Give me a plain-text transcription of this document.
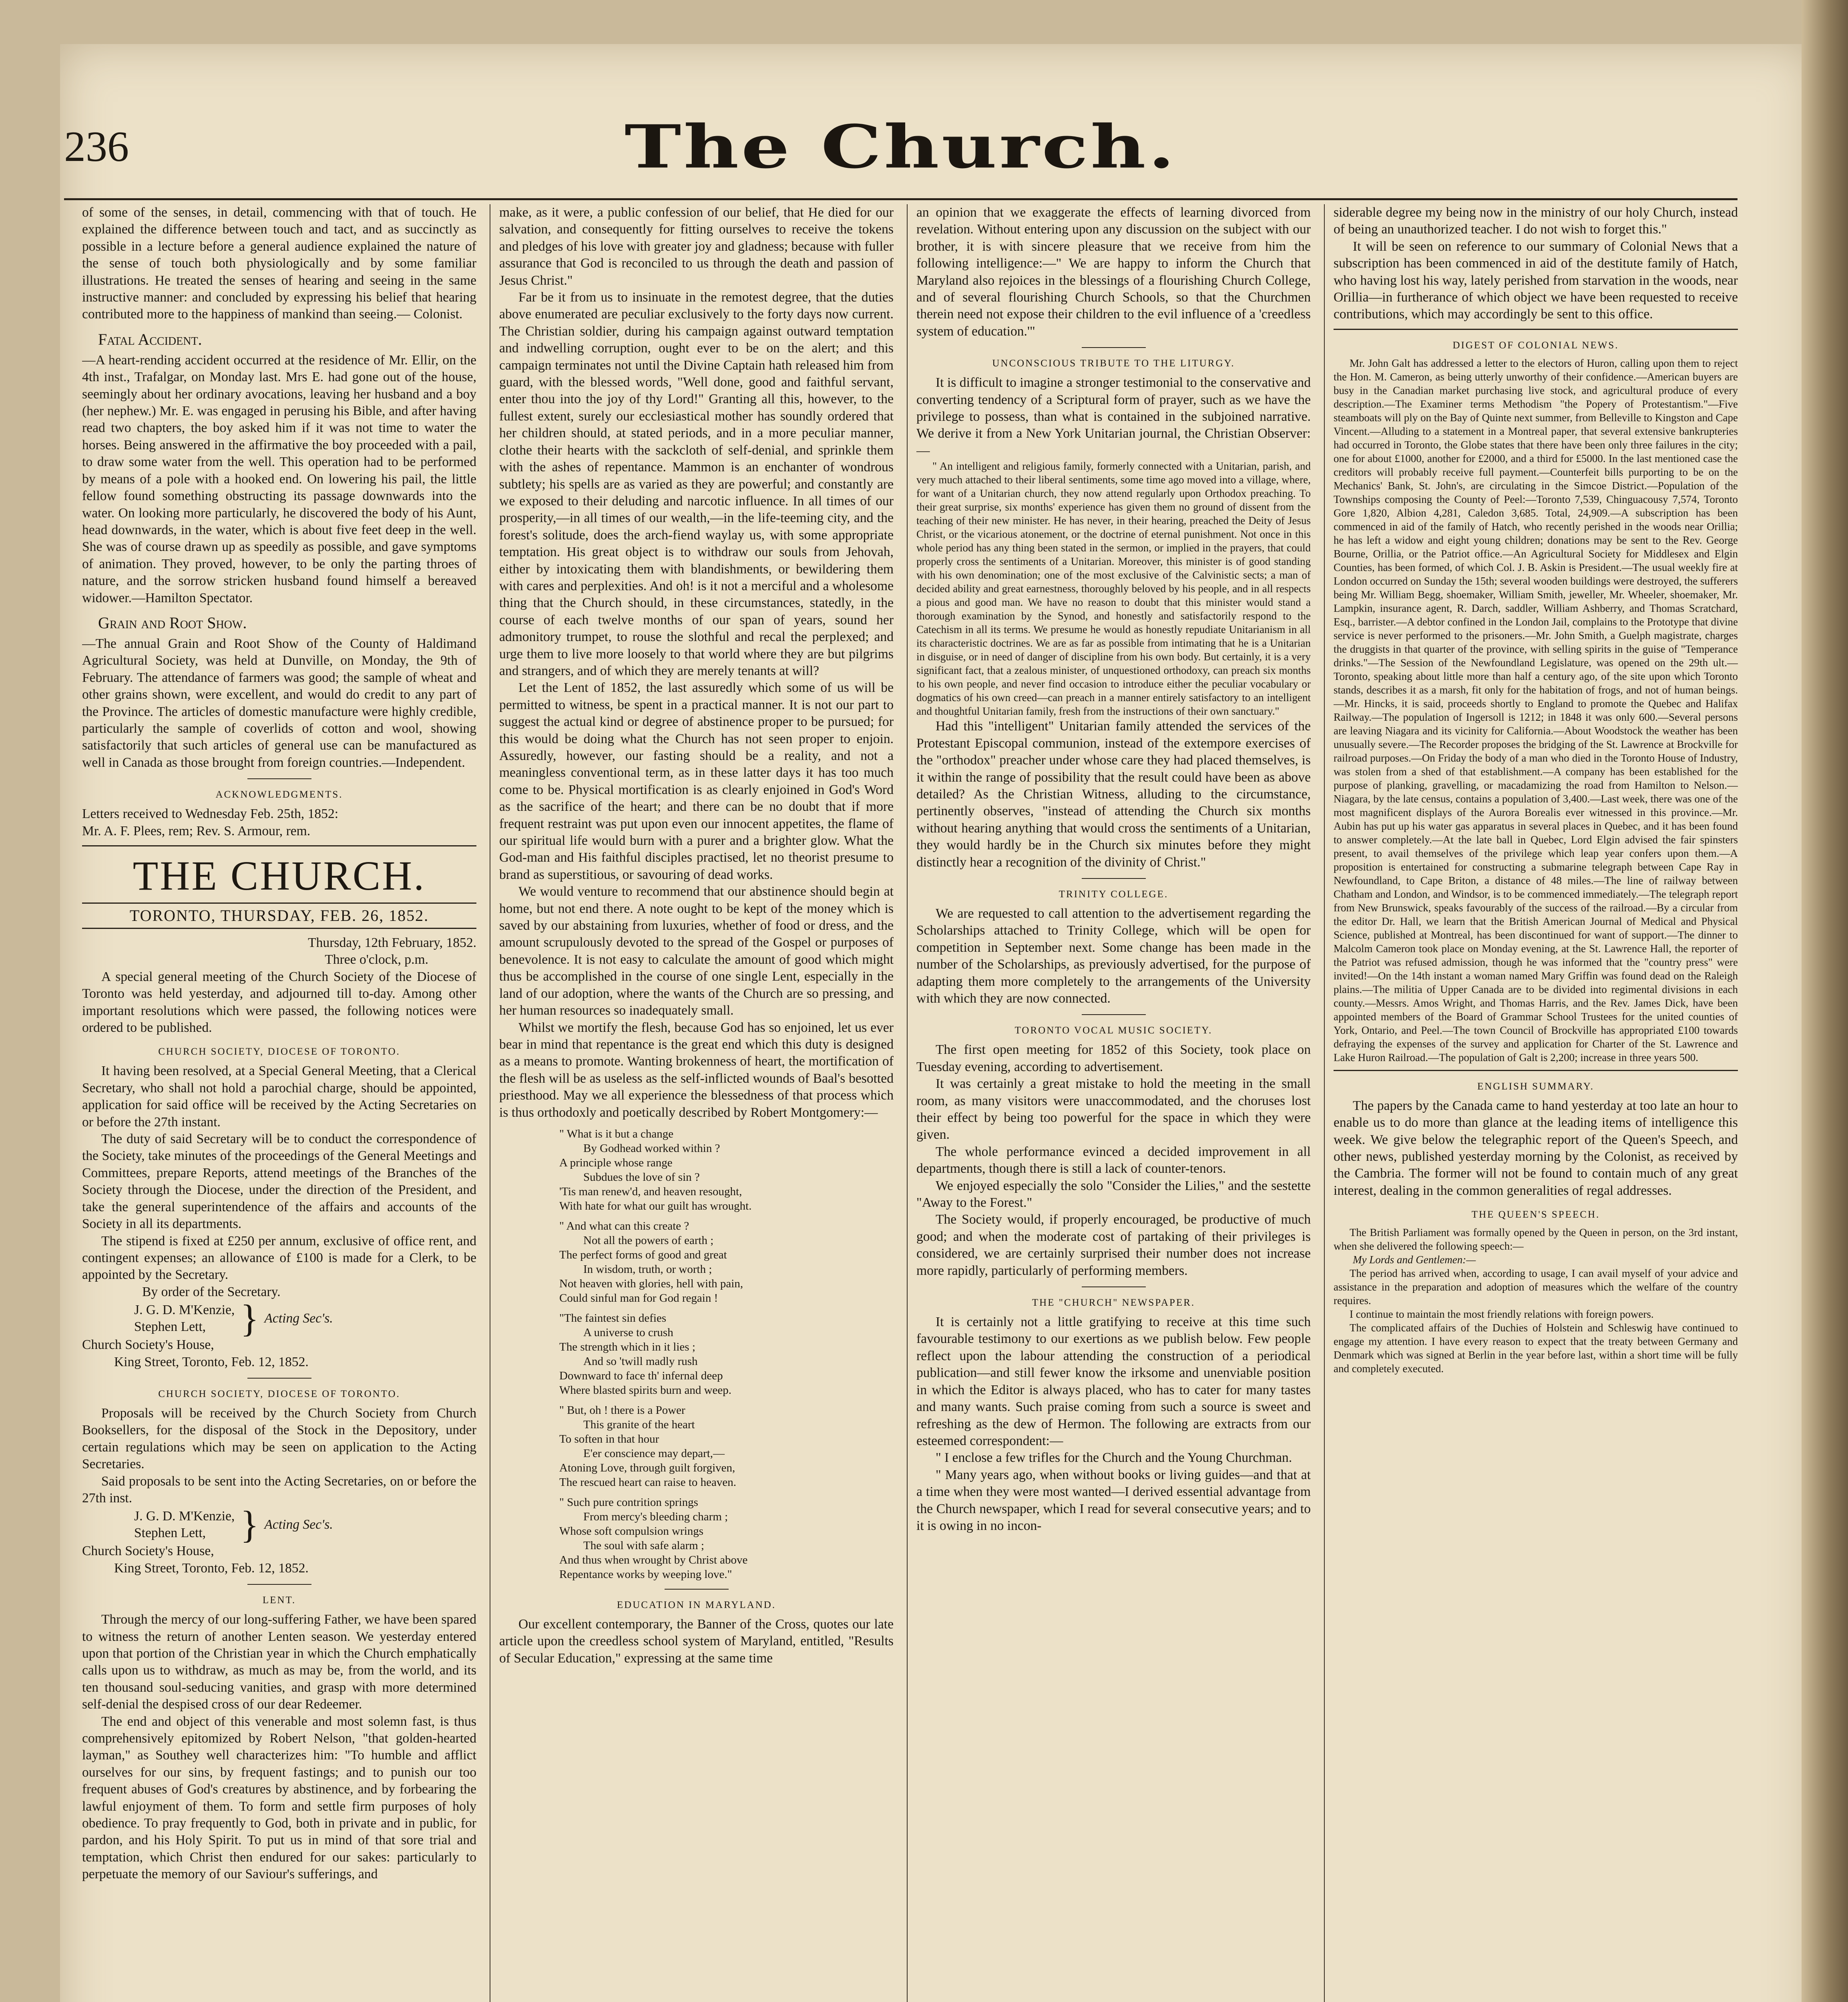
236	The Church.

of some of the senses, in detail, commencing with that of touch. He explained the difference between touch and tact, and as succinctly as possible in a lecture before a general audience explained the nature of the sense of touch both physiologically and by some familiar illustrations. He treated the senses of hearing and seeing in the same instructive manner: and concluded by expressing his belief that hearing contributed more to the happiness of mankind than seeing.— Colonist.

Fatal Accident.

—A heart-rending accident occurred at the residence of Mr. Ellir, on the 4th inst., Trafalgar, on Monday last. Mrs E. had gone out of the house, seemingly about her ordinary avocations, leaving her husband and a boy (her nephew.) Mr. E. was engaged in perusing his Bible, and after having read two chapters, the boy asked him if it was not time to water the horses. Being answered in the affirmative the boy proceeded with a pail, to draw some water from the well. This operation had to be performed by means of a pole with a hooked end. On lowering his pail, the little fellow found something obstructing its passage downwards into the water. On looking more particularly, he discovered the body of his Aunt, head downwards, in the water, which is about five feet deep in the well. She was of course drawn up as speedily as possible, and gave symptoms of animation. They proved, however, to be only the parting throes of nature, and the sorrow stricken husband found himself a bereaved widower.—Hamilton Spectator.

Grain and Root Show.

—The annual Grain and Root Show of the County of Haldimand Agricultural Society, was held at Dunville, on Monday, the 9th of February. The attendance of farmers was good; the sample of wheat and other grains shown, were excellent, and would do credit to any part of the Province. The articles of domestic manufacture were highly credible, particularly the sample of coverlids of cotton and wool, showing satisfactorily that such articles of general use can be manufactured as well in Canada as those brought from foreign countries.—Independent.

ACKNOWLEDGMENTS.

Letters received to Wednesday Feb. 25th, 1852:

Mr. A. F. Plees, rem; Rev. S. Armour, rem.

THE CHURCH.
TORONTO, THURSDAY, FEB. 26, 1852.

Thursday, 12th February, 1852.

Three o'clock, p.m.

A special general meeting of the Church Society of the Diocese of Toronto was held yesterday, and adjourned till to-day. Among other important resolutions which were passed, the following notices were ordered to be published.

CHURCH SOCIETY, DIOCESE OF TORONTO.

It having been resolved, at a Special General Meeting, that a Clerical Secretary, who shall not hold a parochial charge, should be appointed, application for said office will be received by the Acting Secretaries on or before the 27th instant.

The duty of said Secretary will be to conduct the correspondence of the Society, take minutes of the proceedings of the General Meetings and Committees, prepare Reports, attend meetings of the Branches of the Society through the Diocese, under the direction of the President, and take the general superintendence of the affairs and accounts of the Society in all its departments.

The stipend is fixed at £250 per annum, exclusive of office rent, and contingent expenses; an allowance of £100 is made for a Clerk, to be appointed by the Secretary.

By order of the Secretary.

J. G. D. M'Kenzie,
Stephen Lett, } Acting Sec's.

Church Society's House,

King Street, Toronto, Feb. 12, 1852.

CHURCH SOCIETY, DIOCESE OF TORONTO.

Proposals will be received by the Church Society from Church Booksellers, for the disposal of the Stock in the Depository, under certain regulations which may be seen on application to the Acting Secretaries.

Said proposals to be sent into the Acting Secretaries, on or before the 27th inst.

J. G. D. M'Kenzie,
Stephen Lett, } Acting Sec's.

Church Society's House,

King Street, Toronto, Feb. 12, 1852.

LENT.

Through the mercy of our long-suffering Father, we have been spared to witness the return of another Lenten season. We yesterday entered upon that portion of the Christian year in which the Church emphatically calls upon us to withdraw, as much as may be, from the world, and its ten thousand soul-seducing vanities, and grasp with more determined self-denial the despised cross of our dear Redeemer.

The end and object of this venerable and most solemn fast, is thus comprehensively epitomized by Robert Nelson, "that golden-hearted layman," as Southey well characterizes him: "To humble and afflict ourselves for our sins, by frequent fastings; and to punish our too frequent abuses of God's creatures by abstinence, and by forbearing the lawful enjoyment of them. To form and settle firm purposes of holy obedience. To pray frequently to God, both in private and in public, for pardon, and his Holy Spirit. To put us in mind of that sore trial and temptation, which Christ then endured for our sakes: particularly to perpetuate the memory of our Saviour's sufferings, and

make, as it were, a public confession of our belief, that He died for our salvation, and consequently for fitting ourselves to receive the tokens and pledges of his love with greater joy and gladness; because with fuller assurance that God is reconciled to us through the death and passion of Jesus Christ."

Far be it from us to insinuate in the remotest degree, that the duties above enumerated are peculiar exclusively to the forty days now current. The Christian soldier, during his campaign against outward temptation and indwelling corruption, ought ever to be on the alert; and this campaign terminates not until the Divine Captain hath released him from guard, with the blessed words, "Well done, good and faithful servant, enter thou into the joy of thy Lord!" Granting all this, however, to the fullest extent, surely our ecclesiastical mother has soundly ordered that her children should, at stated periods, and in a more peculiar manner, clothe their hearts with the sackcloth of self-denial, and sprinkle them with the ashes of repentance. Mammon is an enchanter of wondrous subtlety; his spells are as varied as they are powerful; and constantly are we exposed to their deluding and narcotic influence. In all times of our prosperity,—in all times of our wealth,—in the life-teeming city, and the forest's solitude, does the arch-fiend waylay us, with some appropriate temptation. His great object is to withdraw our souls from Jehovah, either by intoxicating them with blandishments, or bewildering them with cares and perplexities. And oh! is it not a merciful and a wholesome thing that the Church should, in these circumstances, statedly, in the course of each twelve months of our span of years, sound her admonitory trumpet, to rouse the slothful and recal the perplexed; and urge them to live more loosely to that world where they are but pilgrims and strangers, and of which they are merely tenants at will?

Let the Lent of 1852, the last assuredly which some of us will be permitted to witness, be spent in a practical manner. It is not our part to suggest the actual kind or degree of abstinence proper to be pursued; for this would be doing what the Church has not seen proper to enjoin. Assuredly, however, our fasting should be a reality, and not a meaningless conventional term, as in these latter days it has too much come to be. Physical mortification is as clearly enjoined in God's Word as the sacrifice of the heart; and there can be no doubt that if more frequent restraint was put upon even our innocent appetites, the flame of our spiritual life would burn with a purer and a brighter glow. What the God-man and His faithful disciples practised, let no theorist presume to brand as superstitious, or savouring of dead works.

We would venture to recommend that our abstinence should begin at home, but not end there. A note ought to be kept of the money which is saved by our abstaining from luxuries, whether of food or dress, and the amount scrupulously devoted to the spread of the Gospel or purposes of benevolence. It is not easy to calculate the amount of good which might thus be accomplished in the course of one single Lent, especially in the land of our adoption, where the wants of the Church are so pressing, and her human resources so inadequately small.

Whilst we mortify the flesh, because God has so enjoined, let us ever bear in mind that repentance is the great end which this duty is designed as a means to promote. Wanting brokenness of heart, the mortification of the flesh will be as useless as the self-inflicted wounds of Baal's besotted priesthood. May we all experience the blessedness of that process which is thus orthodoxly and poetically described by Robert Montgomery:—

" What is it but a change

By Godhead worked within ?

A principle whose range

Subdues the love of sin ?

'Tis man renew'd, and heaven resought,

With hate for what our guilt has wrought.

" And what can this create ?

Not all the powers of earth ;

The perfect forms of good and great

In wisdom, truth, or worth ;

Not heaven with glories, hell with pain,

Could sinful man for God regain !

"The faintest sin defies

A universe to crush

The strength which in it lies ;

And so 'twill madly rush

Downward to face th' infernal deep

Where blasted spirits burn and weep.

" But, oh ! there is a Power

This granite of the heart

To soften in that hour

E'er conscience may depart,—

Atoning Love, through guilt forgiven,

The rescued heart can raise to heaven.

" Such pure contrition springs

From mercy's bleeding charm ;

Whose soft compulsion wrings

The soul with safe alarm ;

And thus when wrought by Christ above

Repentance works by weeping love."

EDUCATION IN MARYLAND.

Our excellent contemporary, the Banner of the Cross, quotes our late article upon the creedless school system of Maryland, entitled, "Results of Secular Education," expressing at the same time

an opinion that we exaggerate the effects of learning divorced from revelation. Without entering upon any discussion on the subject with our brother, it is with sincere pleasure that we receive from him the following intelligence:—" We are happy to inform the Church that Maryland also rejoices in the blessings of a flourishing Church College, and of several flourishing Church Schools, so that the Churchmen therein need not expose their children to the evil influence of a 'creedless system of education.'"

UNCONSCIOUS TRIBUTE TO THE LITURGY.

It is difficult to imagine a stronger testimonial to the conservative and converting tendency of a Scriptural form of prayer, such as we have the privilege to possess, than what is contained in the subjoined narrative. We derive it from a New York Unitarian journal, the Christian Observer:—

" An intelligent and religious family, formerly connected with a Unitarian, parish, and very much attached to their liberal sentiments, some time ago moved into a village, where, for want of a Unitarian church, they now attend regularly upon Orthodox preaching. To their great surprise, six months' experience has given them no ground of dissent from the teaching of their new minister. He has never, in their hearing, preached the Deity of Jesus Christ, or the vicarious atonement, or the doctrine of eternal punishment. Not once in this whole period has any thing been stated in the sermon, or implied in the prayers, that could properly cross the sentiments of a Unitarian. Moreover, this minister is of good standing with his own denomination; one of the most exclusive of the Calvinistic sects; a man of decided ability and great earnestness, thoroughly beloved by his people, and in all respects a pious and good man. We have no reason to doubt that this minister would stand a thorough examination by the Synod, and honestly and satisfactorily respond to the Catechism in all its terms. We presume he would as honestly repudiate Unitarianism in all its characteristic doctrines. We are as far as possible from intimating that he is a Unitarian in disguise, or in need of danger of discipline from his own body. But certainly, it is a very significant fact, that a zealous minister, of unquestioned orthodoxy, can preach six months to his own people, and never find occasion to introduce either the peculiar vocabulary or dogmatics of his own creed—can preach in a manner entirely satisfactory to an intelligent and thoughtful Unitarian family, fresh from the instructions of their own sanctuary."

Had this "intelligent" Unitarian family attended the services of the Protestant Episcopal communion, instead of the extempore exercises of the "orthodox" preacher under whose care they had placed themselves, is it within the range of possibility that the result could have been as above detailed? As the Christian Witness, alluding to the circumstance, pertinently observes, "instead of attending the Church six months without hearing anything that would cross the sentiments of a Unitarian, they would hardly be in the Church six minutes before they might distinctly hear a recognition of the divinity of Christ."

TRINITY COLLEGE.

We are requested to call attention to the advertisement regarding the Scholarships attached to Trinity College, which will be open for competition in September next. Some change has been made in the number of the Scholarships, as previously advertised, for the purpose of adapting them more completely to the arrangements of the University with which they are now connected.

TORONTO VOCAL MUSIC SOCIETY.

The first open meeting for 1852 of this Society, took place on Tuesday evening, according to advertisement.

It was certainly a great mistake to hold the meeting in the small room, as many visitors were unaccommodated, and the choruses lost their effect by being too powerful for the space in which they were given.

The whole performance evinced a decided improvement in all departments, though there is still a lack of counter-tenors.

We enjoyed especially the solo "Consider the Lilies," and the sestette "Away to the Forest."

The Society would, if properly encouraged, be productive of much good; and when the moderate cost of partaking of their privileges is considered, we are certainly surprised their number does not increase more rapidly, particularly of performing members.

THE "CHURCH" NEWSPAPER.

It is certainly not a little gratifying to receive at this time such favourable testimony to our exertions as we publish below. Few people reflect upon the labour attending the construction of a periodical publication—and still fewer know the irksome and unenviable position in which the Editor is always placed, who has to cater for many tastes and many wants. Such praise coming from such a source is sweet and refreshing as the dew of Hermon. The following are extracts from our esteemed correspondent:—

" I enclose a few trifles for the Church and the Young Churchman.

" Many years ago, when without books or living guides—and that at a time when they were most wanted—I derived essential advantage from the Church newspaper, which I read for several consecutive years; and to it is owing in no incon-

siderable degree my being now in the ministry of our holy Church, instead of being an unauthorized teacher. I do not wish to forget this."

It will be seen on reference to our summary of Colonial News that a subscription has been commenced in aid of the destitute family of Hatch, who having lost his way, lately perished from starvation in the woods, near Orillia—in furtherance of which object we have been requested to receive contributions, which may accordingly be sent to this office.

DIGEST OF COLONIAL NEWS.

Mr. John Galt has addressed a letter to the electors of Huron, calling upon them to reject the Hon. M. Cameron, as being utterly unworthy of their confidence.—American buyers are busy in the Canadian market purchasing live stock, and agricultural produce of every description.—The Examiner terms Methodism "the Popery of Protestantism."—Five steamboats will ply on the Bay of Quinte next summer, from Belleville to Kingston and Cape Vincent.—Alluding to a statement in a Montreal paper, that several extensive bankrupteries had occurred in Toronto, the Globe states that there have been only three failures in the city; one for about £1000, another for £2000, and a third for £5000. In the last mentioned case the creditors will probably receive full payment.—Counterfeit bills purporting to be on the Mechanics' Bank, St. John's, are circulating in the Simcoe District.—Population of the Townships composing the County of Peel:—Toronto 7,539, Chinguacousy 7,574, Toronto Gore 1,820, Albion 4,281, Caledon 3,685. Total, 24,909.—A subscription has been commenced in aid of the family of Hatch, who recently perished in the woods near Orillia; he has left a widow and eight young children; donations may be sent to the Rev. George Bourne, Orillia, or the Patriot office.—An Agricultural Society for Middlesex and Elgin Counties, has been formed, of which Col. J. B. Askin is President.—The usual weekly fire at London occurred on Sunday the 15th; several wooden buildings were destroyed, the sufferers being Mr. William Begg, shoemaker, William Smith, jeweller, Mr. Wheeler, shoemaker, Mr. Lampkin, insurance agent, R. Darch, saddler, William Ashberry, and Thomas Scratchard, Esq., barrister.—A debtor confined in the London Jail, complains to the Prototype that divine service is never performed to the prisoners.—Mr. John Smith, a Guelph magistrate, charges the druggists in that quarter of the province, with selling spirits in the guise of "Temperance drinks."—The Session of the Newfoundland Legislature, was opened on the 29th ult.—Toronto, speaking about little more than half a century ago, of the site upon which Toronto stands, describes it as a marsh, fit only for the habitation of frogs, and not of human beings.—Mr. Hincks, it is said, proceeds shortly to England to promote the Quebec and Halifax Railway.—The population of Ingersoll is 1212; in 1848 it was only 600.—Several persons are leaving Niagara and its vicinity for California.—About Woodstock the weather has been unusually severe.—The Recorder proposes the bridging of the St. Lawrence at Brockville for railroad purposes.—On Friday the body of a man who died in the Toronto House of Industry, was stolen from a shed of that establishment.—A company has been established for the purpose of planking, gravelling, or macadamizing the road from Hamilton to Nelson.—Niagara, by the late census, contains a population of 3,400.—Last week, there was one of the most magnificent displays of the Aurora Borealis ever witnessed in this province.—Mr. Aubin has put up his water gas apparatus in several places in Quebec, and it has been found to answer completely.—At the late ball in Quebec, Lord Elgin advised the fair spinsters present, to avail themselves of the privilege which leap year confers upon them.—A proposition is entertained for constructing a submarine telegraph between Cape Ray in Newfoundland, to Cape Briton, a distance of 48 miles.—The line of railway between Chatham and London, and Windsor, is to be commenced immediately.—The telegraph report from New Brunswick, speaks favourably of the success of the railroad.—By a circular from the editor Dr. Hall, we learn that the British American Journal of Medical and Physical Science, published at Montreal, has been discontinued for want of support.—The dinner to Malcolm Cameron took place on Monday evening, at the St. Lawrence Hall, the reporter of the Patriot was refused admission, though he was informed that the "country press" were invited!—On the 14th instant a woman named Mary Griffin was found dead on the Raleigh plains.—The militia of Upper Canada are to be divided into regimental divisions in each county.—Messrs. Amos Wright, and Thomas Harris, and the Rev. James Dick, have been appointed members of the Board of Grammar School Trustees for the united counties of York, Ontario, and Peel.—The town Council of Brockville has appropriated £100 towards defraying the expenses of the survey and application for Charter of the St. Lawrence and Lake Huron Railroad.—The population of Galt is 2,200; increase in three years 500.

ENGLISH SUMMARY.

The papers by the Canada came to hand yesterday at too late an hour to enable us to do more than glance at the leading items of intelligence this week. We give below the telegraphic report of the Queen's Speech, and other news, published yesterday morning by the Colonist, as received by the Cambria. The former will not be found to contain much of any great interest, dealing in the common generalities of regal addresses.

THE QUEEN'S SPEECH.

The British Parliament was formally opened by the Queen in person, on the 3rd instant, when she delivered the following speech:—

My Lords and Gentlemen:—

The period has arrived when, according to usage, I can avail myself of your advice and assistance in the preparation and adoption of measures which the welfare of the country requires.

I continue to maintain the most friendly relations with foreign powers.

The complicated affairs of the Duchies of Holstein and Schleswig have continued to engage my attention. I have every reason to expect that the treaty between Germany and Denmark which was signed at Berlin in the year before last, within a short time will be fully and completely executed.
